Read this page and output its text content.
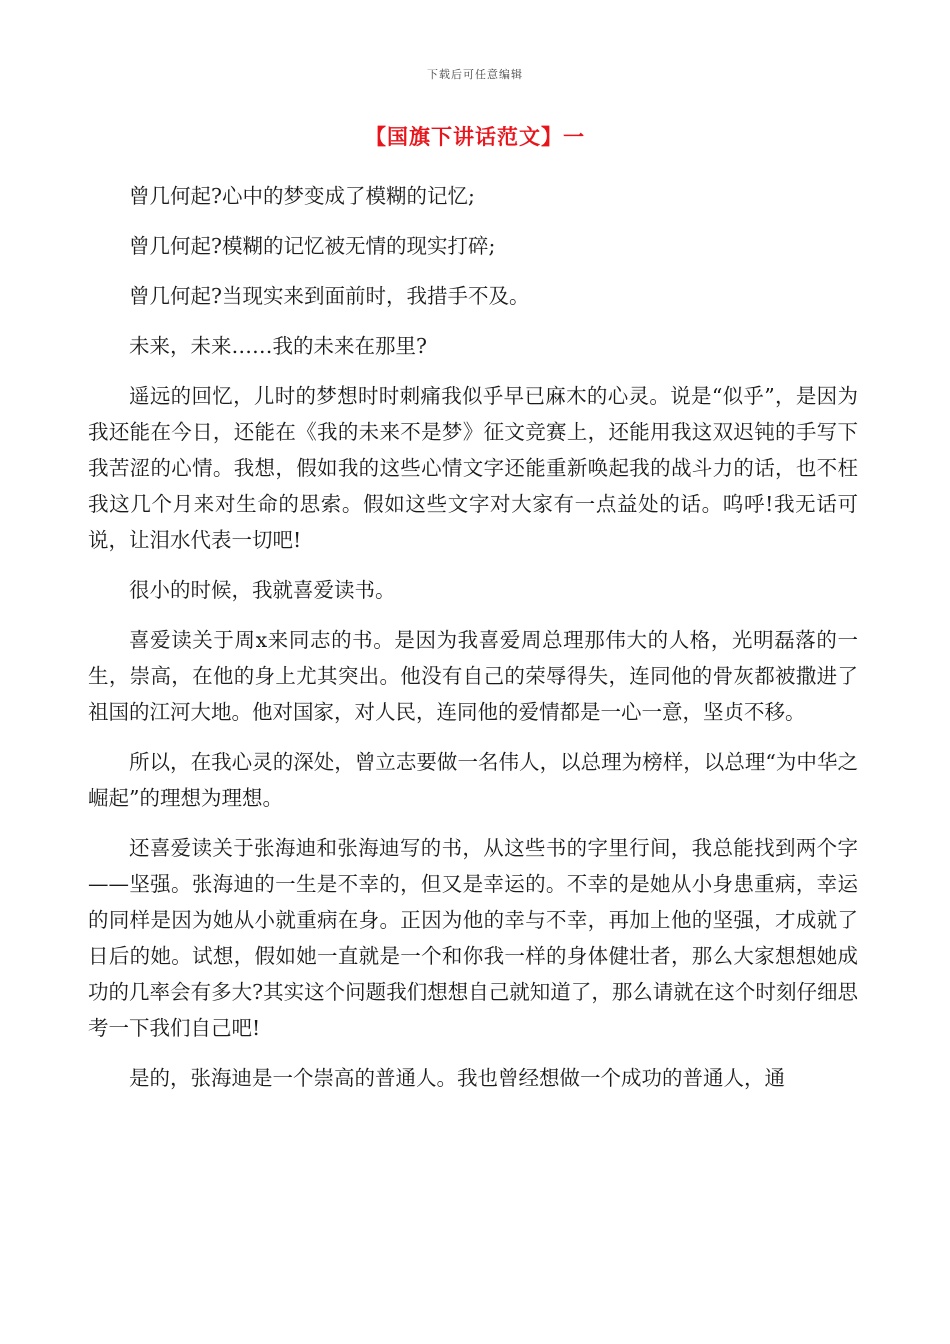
下载后可任意编辑
【国旗下讲话范文】一

曾几何起?心中的梦变成了模糊的记忆;

曾几何起?模糊的记忆被无情的现实打碎;

曾几何起?当现实来到面前时，我措手不及。

未来，未来……我的未来在那里?

遥远的回忆，儿时的梦想时时刺痛我似乎早已麻木的心灵。说是“似乎”，是因为我还能在今日，还能在《我的未来不是梦》征文竞赛上，还能用我这双迟钝的手写下我苦涩的心情。我想，假如我的这些心情文字还能重新唤起我的战斗力的话，也不枉我这几个月来对生命的思索。假如这些文字对大家有一点益处的话。呜呼!我无话可说，让泪水代表一切吧!

很小的时候，我就喜爱读书。

喜爱读关于周x来同志的书。是因为我喜爱周总理那伟大的人格，光明磊落的一生，崇高，在他的身上尤其突出。他没有自己的荣辱得失，连同他的骨灰都被撒进了祖国的江河大地。他对国家，对人民，连同他的爱情都是一心一意，坚贞不移。

所以，在我心灵的深处，曾立志要做一名伟人，以总理为榜样，以总理“为中华之崛起”的理想为理想。

还喜爱读关于张海迪和张海迪写的书，从这些书的字里行间，我总能找到两个字——坚强。张海迪的一生是不幸的，但又是幸运的。不幸的是她从小身患重病，幸运的同样是因为她从小就重病在身。正因为他的幸与不幸，再加上他的坚强，才成就了日后的她。试想，假如她一直就是一个和你我一样的身体健壮者，那么大家想想她成功的几率会有多大?其实这个问题我们想想自己就知道了，那么请就在这个时刻仔细思考一下我们自己吧!

是的，张海迪是一个崇高的普通人。我也曾经想做一个成功的普通人，通
